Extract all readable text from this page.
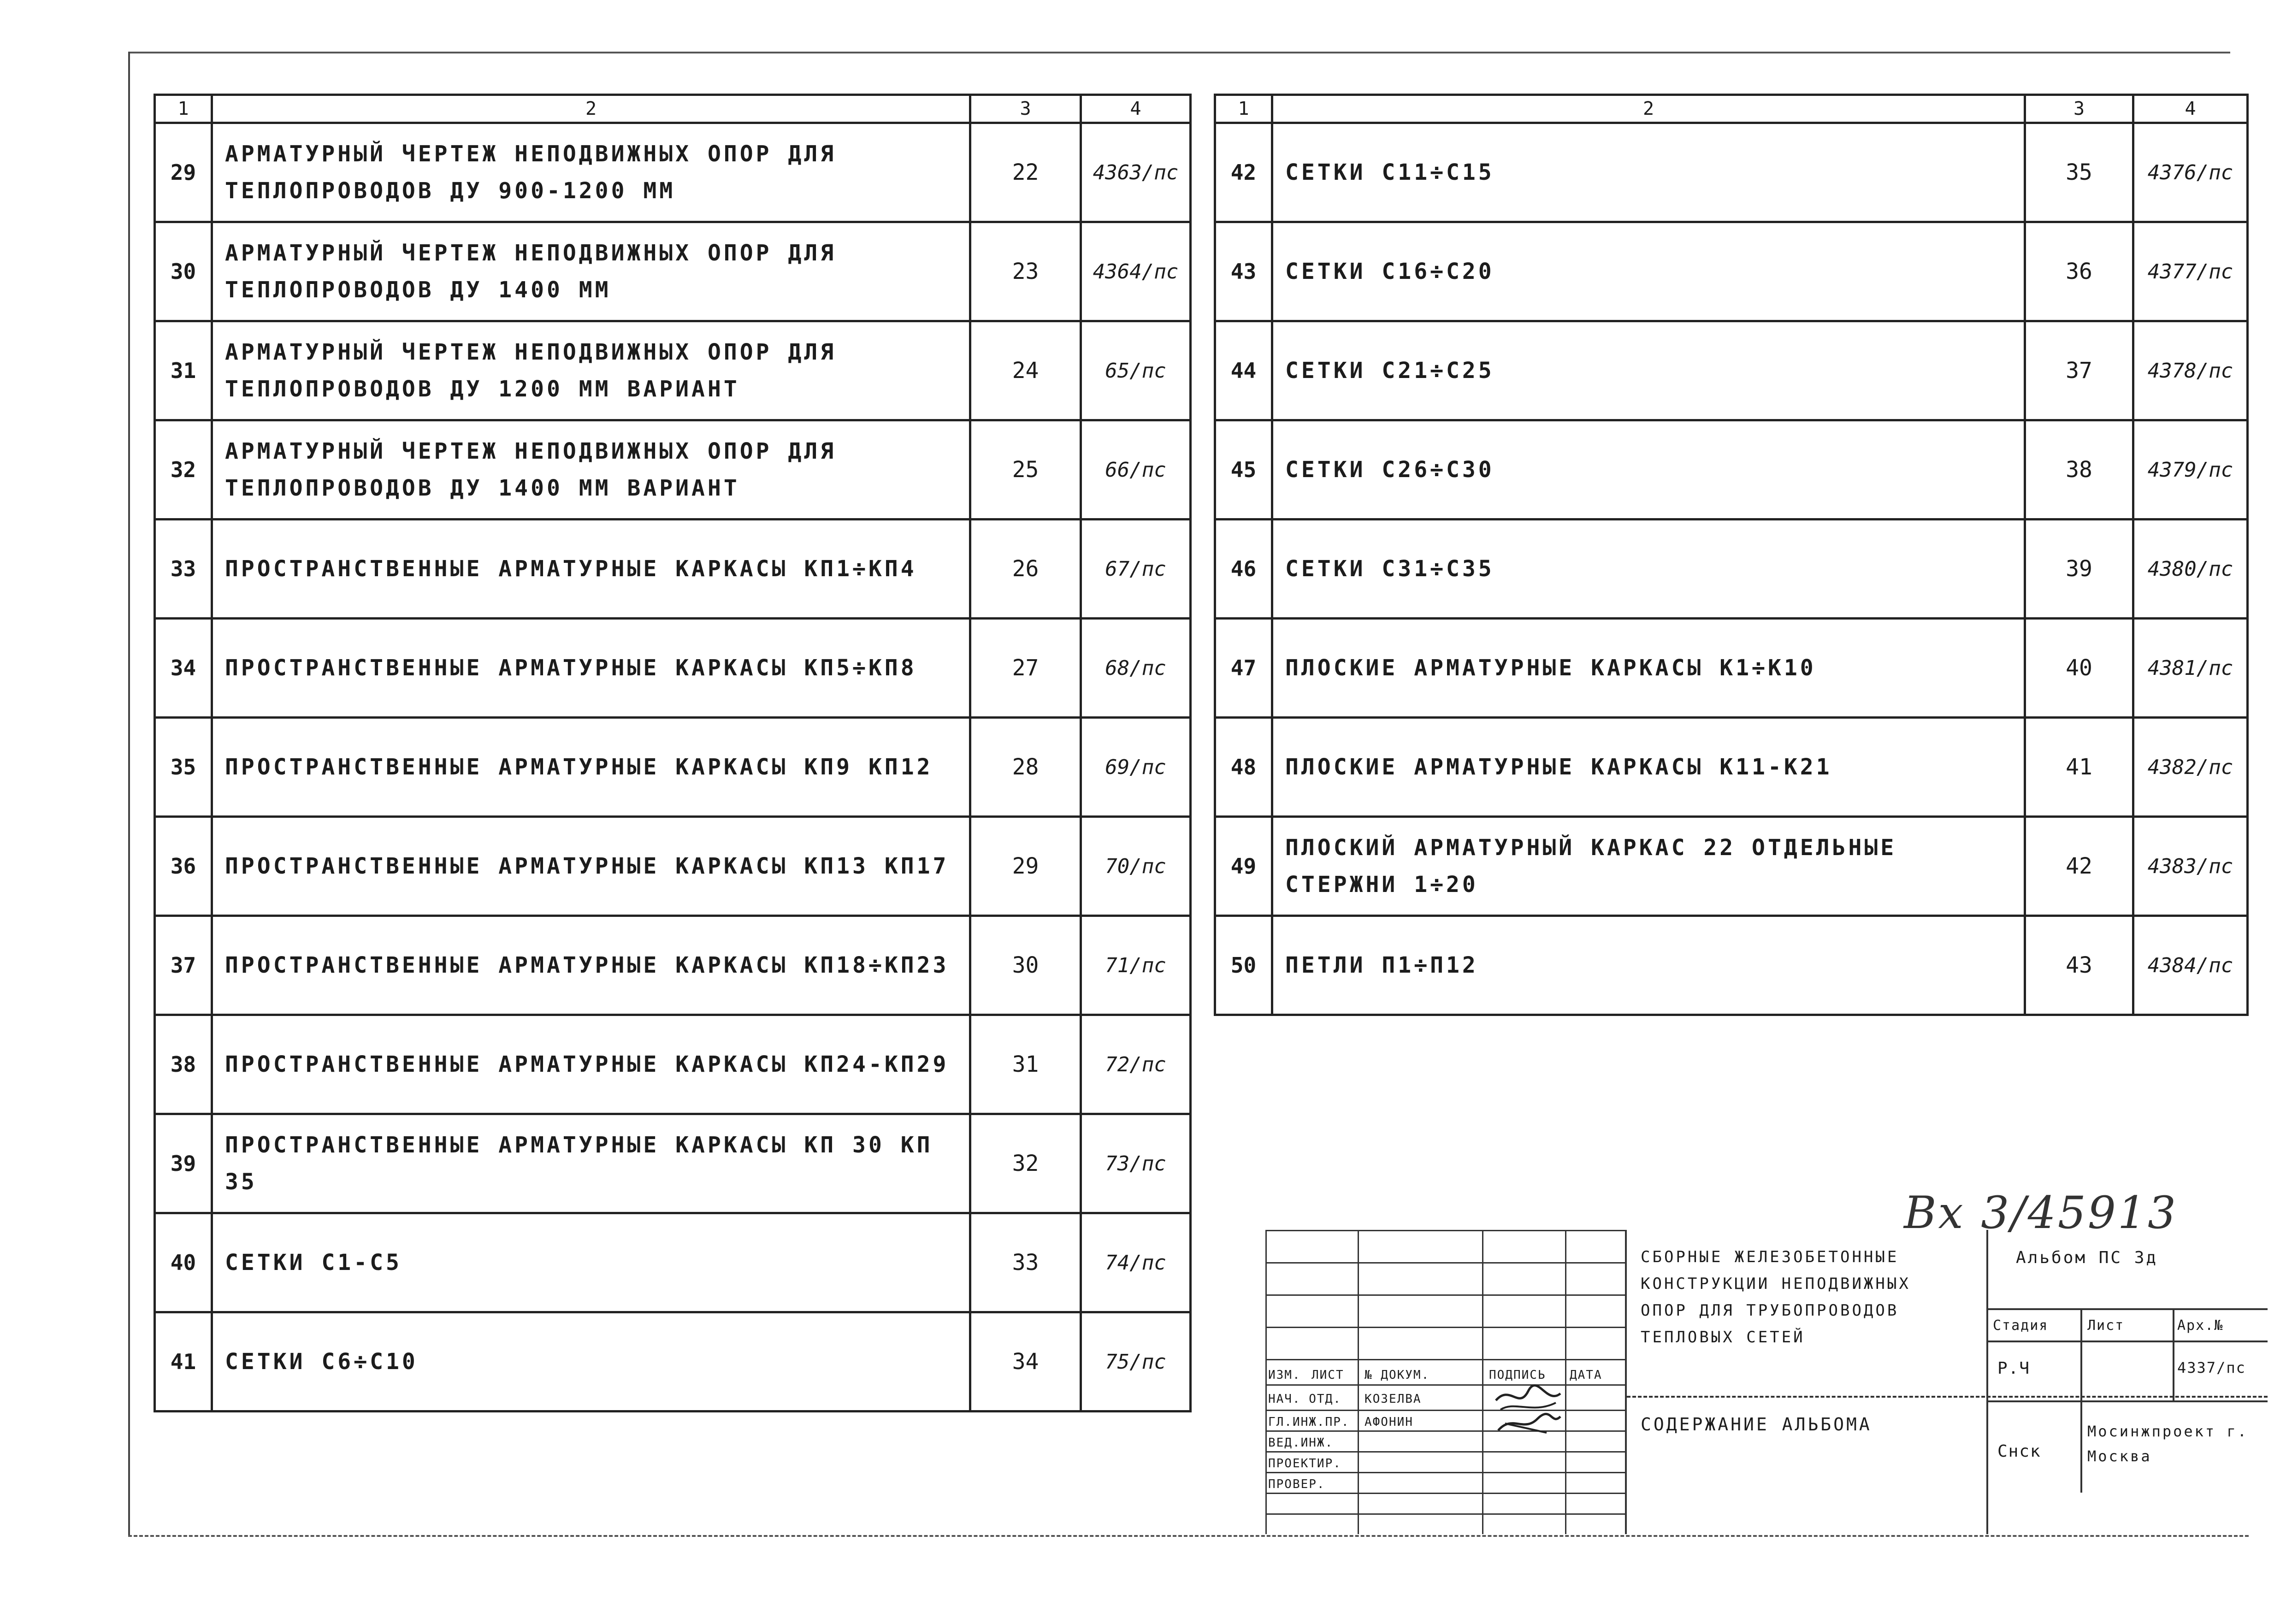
1	2	3	4
29	АРМАТУРНЫЙ ЧЕРТЕЖ НЕПОДВИЖНЫХ ОПОР ДЛЯ ТЕПЛОПРОВОДОВ ДУ 900-1200 ММ	22	4363/пс
30	АРМАТУРНЫЙ ЧЕРТЕЖ НЕПОДВИЖНЫХ ОПОР ДЛЯ ТЕПЛОПРОВОДОВ ДУ 1400 ММ	23	4364/пс
31	АРМАТУРНЫЙ ЧЕРТЕЖ НЕПОДВИЖНЫХ ОПОР ДЛЯ ТЕПЛОПРОВОДОВ ДУ 1200 ММ ВАРИАНТ	24	65/пс
32	АРМАТУРНЫЙ ЧЕРТЕЖ НЕПОДВИЖНЫХ ОПОР ДЛЯ ТЕПЛОПРОВОДОВ ДУ 1400 ММ ВАРИАНТ	25	66/пс
33	ПРОСТРАНСТВЕННЫЕ АРМАТУРНЫЕ КАРКАСЫ КП1÷КП4	26	67/пс
34	ПРОСТРАНСТВЕННЫЕ АРМАТУРНЫЕ КАРКАСЫ КП5÷КП8	27	68/пс
35	ПРОСТРАНСТВЕННЫЕ АРМАТУРНЫЕ КАРКАСЫ КП9 КП12	28	69/пс
36	ПРОСТРАНСТВЕННЫЕ АРМАТУРНЫЕ КАРКАСЫ КП13 КП17	29	70/пс
37	ПРОСТРАНСТВЕННЫЕ АРМАТУРНЫЕ КАРКАСЫ КП18÷КП23	30	71/пс
38	ПРОСТРАНСТВЕННЫЕ АРМАТУРНЫЕ КАРКАСЫ КП24-КП29	31	72/пс
39	ПРОСТРАНСТВЕННЫЕ АРМАТУРНЫЕ КАРКАСЫ КП 30 КП 35	32	73/пс
40	СЕТКИ С1-С5	33	74/пс
41	СЕТКИ С6÷С10	34	75/пс
1	2	3	4
42	СЕТКИ С11÷С15	35	4376/пс
43	СЕТКИ С16÷С20	36	4377/пс
44	СЕТКИ С21÷С25	37	4378/пс
45	СЕТКИ С26÷С30	38	4379/пс
46	СЕТКИ С31÷С35	39	4380/пс
47	ПЛОСКИЕ АРМАТУРНЫЕ КАРКАСЫ К1÷К10	40	4381/пс
48	ПЛОСКИЕ АРМАТУРНЫЕ КАРКАСЫ К11-К21	41	4382/пс
49	ПЛОСКИЙ АРМАТУРНЫЙ КАРКАС 22 ОТДЕЛЬНЫЕ СТЕРЖНИ 1÷20	42	4383/пс
50	ПЕТЛИ П1÷П12	43	4384/пс
Вх 3/45913
ИЗМ. ЛИСТ № ДОКУМ.	ПОДПИСЬ ДАТА
НАЧ. ОТД. КОЗЕЛВА
ГЛ.ИНЖ.ПР. АФОНИН
ВЕД.ИНЖ.
ПРОЕКТИР.
ПРОВЕР.
СБОРНЫЕ ЖЕЛЕЗОБЕТОННЫЕ КОНСТРУКЦИИ НЕПОДВИЖНЫХ ОПОР ДЛЯ ТРУБОПРОВОДОВ ТЕПЛОВЫХ СЕТЕЙ
СОДЕРЖАНИЕ АЛЬБОМА
Альбом ПС 3д
Стадия	Лист	Арх.№
Р.Ч	4337/пс
Снск
Мосинжпроект г. Москва
